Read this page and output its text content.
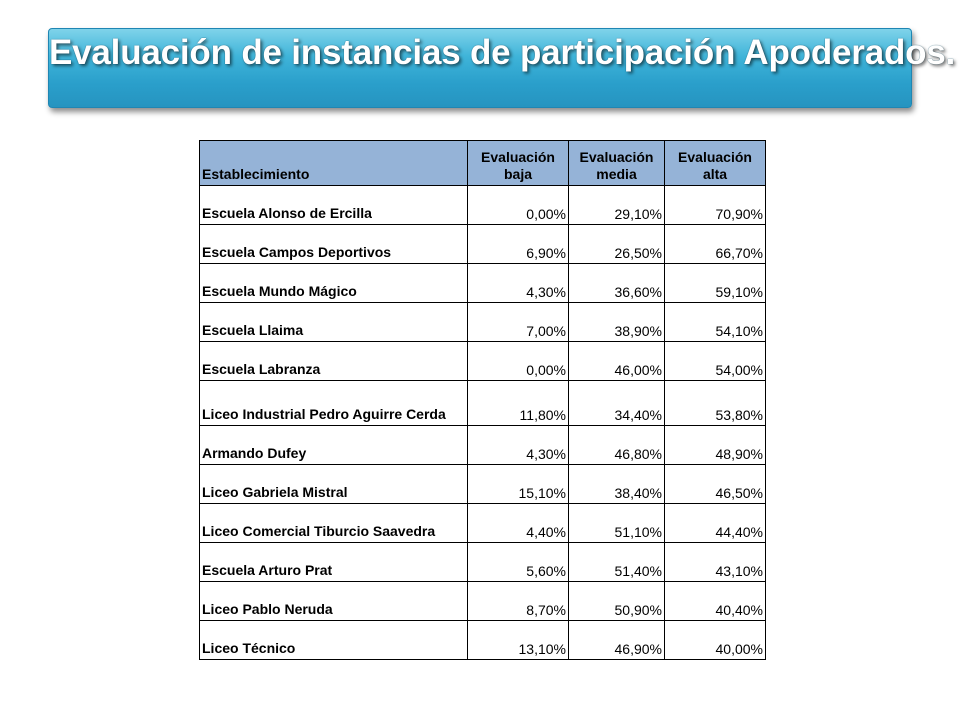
Evaluación de instancias de participación Apoderados.
Establecimiento	Evaluación baja	Evaluación media	Evaluación alta
Escuela Alonso de Ercilla	0,00%	29,10%	70,90%
Escuela Campos Deportivos	6,90%	26,50%	66,70%
Escuela Mundo Mágico	4,30%	36,60%	59,10%
Escuela Llaima	7,00%	38,90%	54,10%
Escuela Labranza	0,00%	46,00%	54,00%
Liceo Industrial Pedro Aguirre Cerda	11,80%	34,40%	53,80%
Armando Dufey	4,30%	46,80%	48,90%
Liceo Gabriela Mistral	15,10%	38,40%	46,50%
Liceo Comercial Tiburcio Saavedra	4,40%	51,10%	44,40%
Escuela Arturo Prat	5,60%	51,40%	43,10%
Liceo Pablo Neruda	8,70%	50,90%	40,40%
Liceo Técnico	13,10%	46,90%	40,00%
